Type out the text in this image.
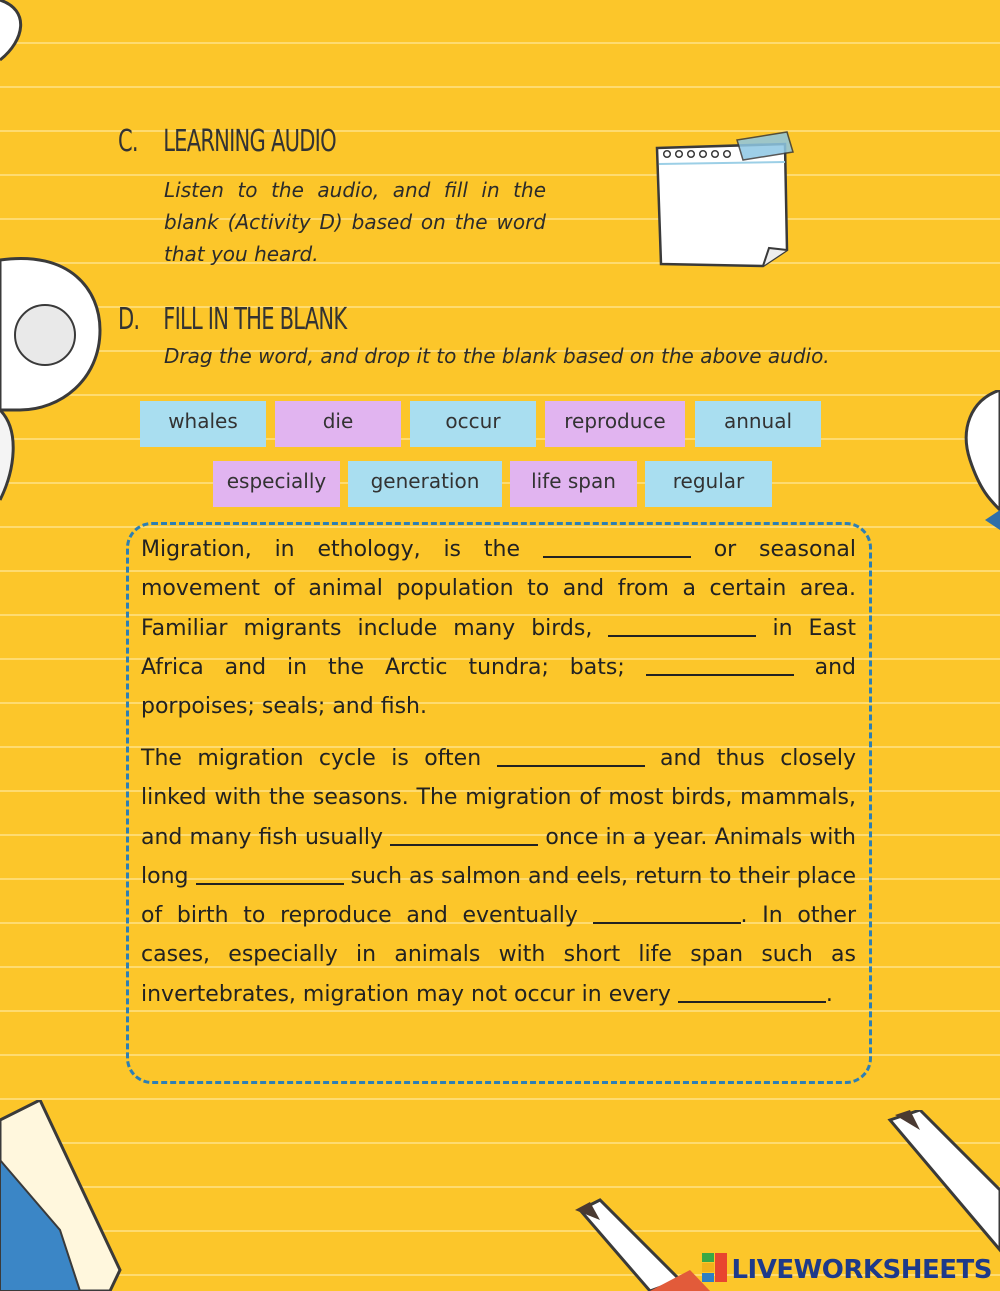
C. LEARNING AUDIO
Listen to the audio, and fill in the blank (Activity D) based on the word that you heard.
D. FILL IN THE BLANK
Drag the word, and drop it to the blank based on the above audio.
whales	die	occur	reproduce	annual
especially	generation	life span	regular
Migration, in ethology, is the	or seasonal movement of animal population to and from a certain area. Familiar migrants include many birds,	in East Africa and in the Arctic tundra; bats;	and porpoises; seals; and fish.
The migration cycle is often	and thus closely linked with the seasons. The migration of most birds, mammals, and many fish usually	once in a year. Animals with long	such as salmon and eels, return to their place of birth to reproduce and eventually	. In other cases, especially in animals with short life span such as invertebrates, migration may not occur in every	.
LIVEWORKSHEETS
